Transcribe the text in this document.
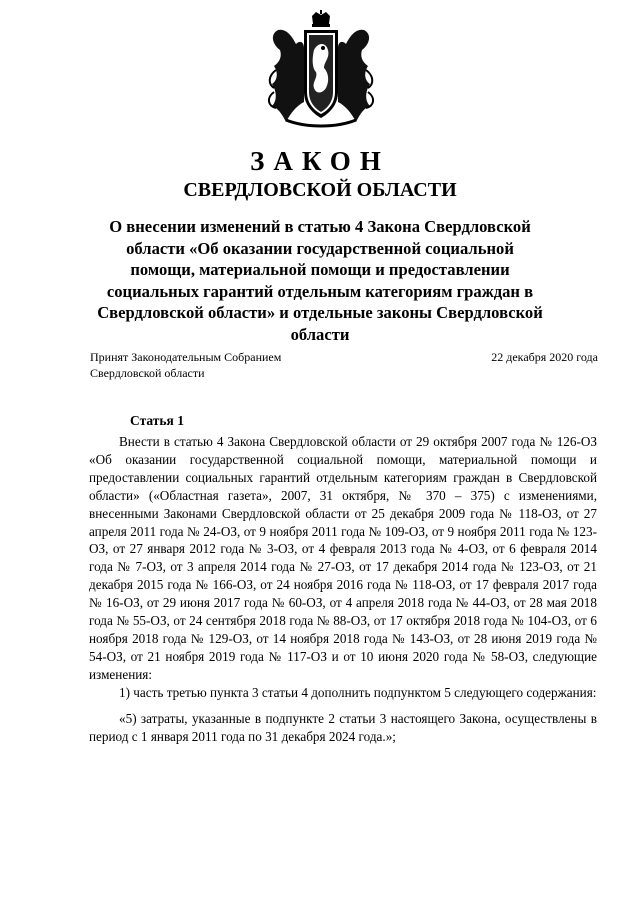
ЗАКОН
СВЕРДЛОВСКОЙ ОБЛАСТИ
О внесении изменений в статью 4 Закона Свердловской области «Об оказании государственной социальной помощи, материальной помощи и предоставлении социальных гарантий отдельным категориям граждан в Свердловской области» и отдельные законы Свердловской области
Принят Законодательным Собранием
Свердловской области
22 декабря 2020 года
Статья 1

Внести в статью 4 Закона Свердловской области от 29 октября 2007 года № 126-ОЗ «Об оказании государственной социальной помощи, материальной помощи и предоставлении социальных гарантий отдельным категориям граждан в Свердловской области» («Областная газета», 2007, 31 октября, № 370 – 375) с изменениями, внесенными Законами Свердловской области от 25 декабря 2009 года № 118-ОЗ, от 27 апреля 2011 года № 24-ОЗ, от 9 ноября 2011 года № 109-ОЗ, от 9 ноября 2011 года № 123-ОЗ, от 27 января 2012 года № 3-ОЗ, от 4 февраля 2013 года № 4-ОЗ, от 6 февраля 2014 года № 7-ОЗ, от 3 апреля 2014 года № 27-ОЗ, от 17 декабря 2014 года № 123-ОЗ, от 21 декабря 2015 года № 166-ОЗ, от 24 ноября 2016 года № 118-ОЗ, от 17 февраля 2017 года № 16-ОЗ, от 29 июня 2017 года № 60-ОЗ, от 4 апреля 2018 года № 44-ОЗ, от 28 мая 2018 года № 55-ОЗ, от 24 сентября 2018 года № 88-ОЗ, от 17 октября 2018 года № 104-ОЗ, от 6 ноября 2018 года № 129-ОЗ, от 14 ноября 2018 года № 143-ОЗ, от 28 июня 2019 года № 54-ОЗ, от 21 ноября 2019 года № 117-ОЗ и от 10 июня 2020 года № 58-ОЗ, следующие изменения:

1) часть третью пункта 3 статьи 4 дополнить подпунктом 5 следующего содержания:

«5) затраты, указанные в подпункте 2 статьи 3 настоящего Закона, осуществлены в период с 1 января 2011 года по 31 декабря 2024 года.»;
